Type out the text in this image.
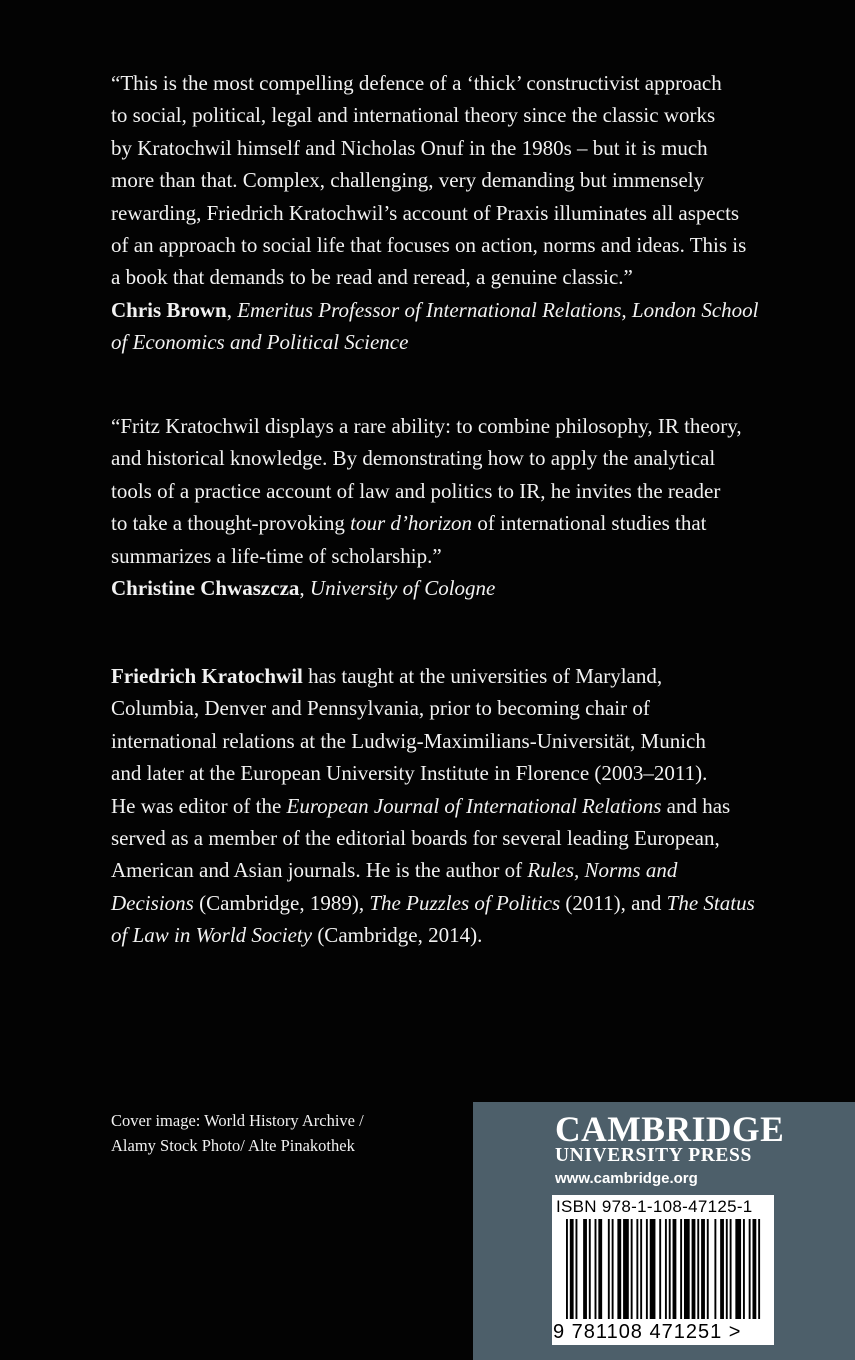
“This is the most compelling defence of a ‘thick’ constructivist approach
to social, political, legal and international theory since the classic works
by Kratochwil himself and Nicholas Onuf in the 1980s – but it is much
more than that. Complex, challenging, very demanding but immensely
rewarding, Friedrich Kratochwil’s account of Praxis illuminates all aspects
of an approach to social life that focuses on action, norms and ideas. This is
a book that demands to be read and reread, a genuine classic.”
Chris Brown, Emeritus Professor of International Relations, London School
of Economics and Political Science
“Fritz Kratochwil displays a rare ability: to combine philosophy, IR theory,
and historical knowledge. By demonstrating how to apply the analytical
tools of a practice account of law and politics to IR, he invites the reader
to take a thought-provoking tour d’horizon of international studies that
summarizes a life-time of scholarship.”
Christine Chwaszcza, University of Cologne
Friedrich Kratochwil has taught at the universities of Maryland,
Columbia, Denver and Pennsylvania, prior to becoming chair of
international relations at the Ludwig-Maximilians-Universität, Munich
and later at the European University Institute in Florence (2003–2011).
He was editor of the European Journal of International Relations and has
served as a member of the editorial boards for several leading European,
American and Asian journals. He is the author of Rules, Norms and
Decisions (Cambridge, 1989), The Puzzles of Politics (2011), and The Status
of Law in World Society (Cambridge, 2014).
Cover image: World History Archive /
Alamy Stock Photo/ Alte Pinakothek	CAMBRIDGE
UNIVERSITY PRESS
www.cambridge.org
ISBN 978-1-108-47125-1
9 781108 471251 >
